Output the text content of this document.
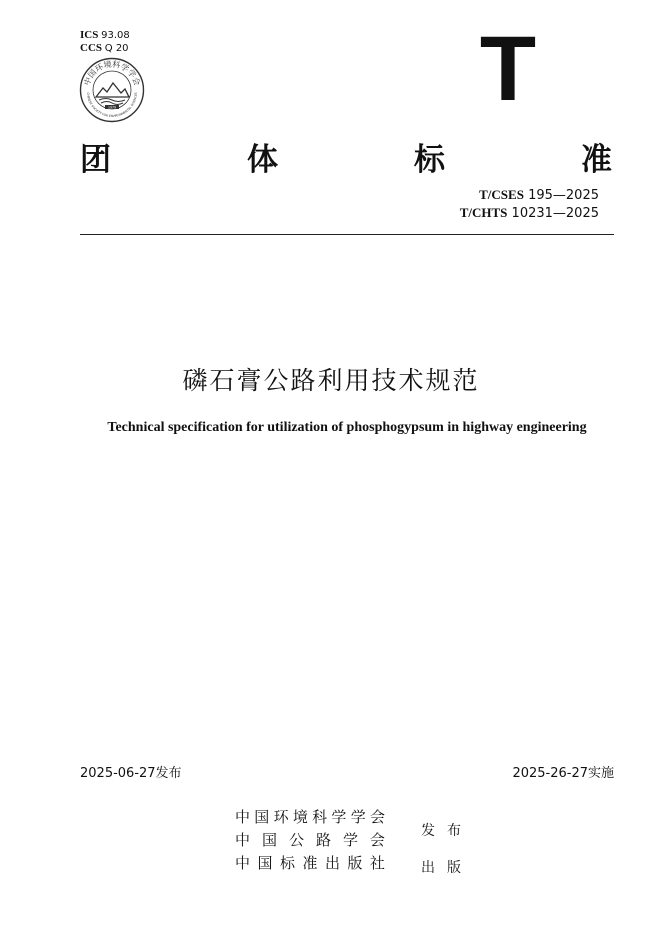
ICS 93.08
CCS Q 20
中国环境科学学会
CHINESE SOCIETY FOR ENVIRONMENTAL SCIENCES
1979	T
团	体	标	准
T/CSES 195—2025
T/CHTS 10231—2025
磷石膏公路利用技术规范
Technical specification for utilization of phosphogypsum in highway engineering
2025-06-27发布	2025-26-27实施
中 国 环 境 科 学 学 会
中 国 公 路 学 会
中 国 标 准 出 版 社
发 布
出 版
